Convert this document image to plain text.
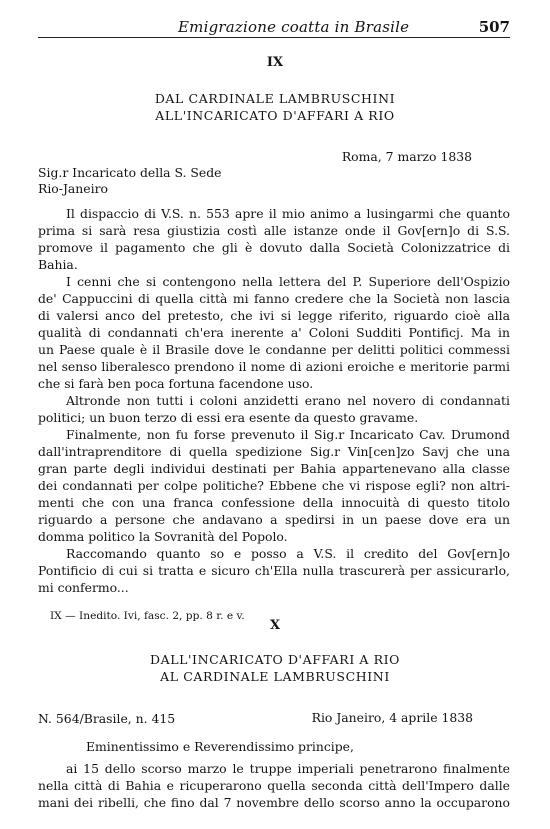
Emigrazione coatta in Brasile	507
IX
DAL CARDINALE LAMBRUSCHINI
ALL'INCARICATO D'AFFARI A RIO
Roma, 7 marzo 1838
Sig.r Incaricato della S. Sede
Rio-Janeiro
Il dispaccio di V.S. n. 553 apre il mio animo a lusingarmi che quanto
prima si sarà resa giustizia costì alle istanze onde il Gov[ern]o di S.S.
promove il pagamento che gli è dovuto dalla Società Colonizzatrice di
Bahia.
I cenni che si contengono nella lettera del P. Superiore dell'Ospizio
de' Cappuccini di quella città mi fanno credere che la Società non lascia
di valersi anco del pretesto, che ivi si legge riferito, riguardo cioè alla
qualità di condannati ch'era inerente a' Coloni Sudditi Pontificj. Ma in
un Paese quale è il Brasile dove le condanne per delitti politici commessi
nel senso liberalesco prendono il nome di azioni eroiche e meritorie parmi
che si farà ben poca fortuna facendone uso.
Altronde non tutti i coloni anzidetti erano nel novero di condannati
politici; un buon terzo di essi era esente da questo gravame.
Finalmente, non fu forse prevenuto il Sig.r Incaricato Cav. Drumond
dall'intraprenditore di quella spedizione Sig.r Vin[cen]zo Savj che una
gran parte degli individui destinati per Bahia appartenevano alla classe
dei condannati per colpe politiche? Ebbene che vi rispose egli? non altri-
menti che con una franca confessione della innocuità di questo titolo
riguardo a persone che andavano a spedirsi in un paese dove era un
domma politico la Sovranità del Popolo.
Raccomando quanto so e posso a V.S. il credito del Gov[ern]o
Pontificio di cui si tratta e sicuro ch'Ella nulla trascurerà per assicurarlo,
mi confermo...
IX — Inedito. Ivi, fasc. 2, pp. 8 r. e v.
X
DALL'INCARICATO D'AFFARI A RIO
AL CARDINALE LAMBRUSCHINI
N. 564/Brasile, n. 415	Rio Janeiro, 4 aprile 1838
Eminentissimo e Reverendissimo principe,
ai 15 dello scorso marzo le truppe imperiali penetrarono finalmente
nella città di Bahia e ricuperarono quella seconda città dell'Impero dalle
mani dei ribelli, che fino dal 7 novembre dello scorso anno la occuparono
